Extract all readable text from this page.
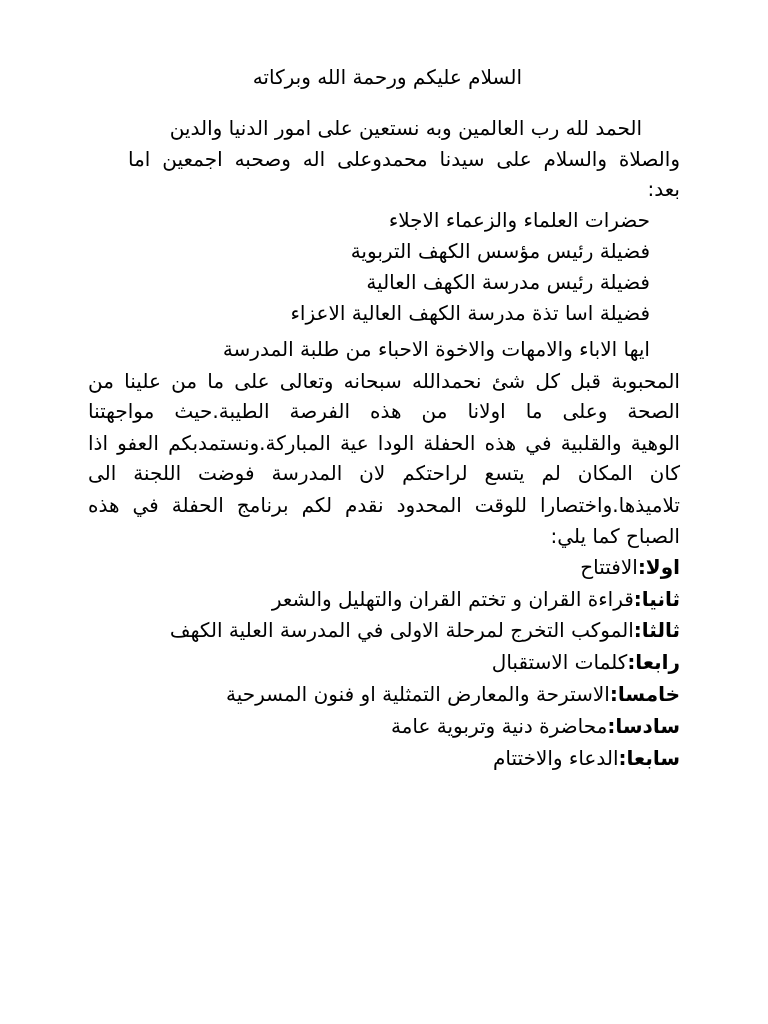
السلام عليكم ورحمة الله وبركاته
الحمد لله رب العالمين وبه نستعين على امور الدنيا والدين
والصلاة والسلام على سيدنا محمدوعلى اله وصحبه اجمعين اما
بعد:
حضرات العلماء والزعماء الاجلاء
فضيلة رئيس مؤسس الكهف التربوية
فضيلة رئيس مدرسة الكهف العالية
فضيلة اسا تذة مدرسة الكهف العالية الاعزاء
ايها الاباء والامهات والاخوة الاحباء من طلبة المدرسة
المحبوبة قبل كل شئ نحمدالله سبحانه وتعالى على ما من علينا من
الصحة وعلى ما اولانا من هذه الفرصة الطيبة.حيث مواجهتنا
الوهية والقلبية في هذه الحفلة الودا عية المباركة.ونستمدبكم العفو اذا
كان المكان لم يتسع لراحتكم لان المدرسة فوضت اللجنة الى
تلاميذها.واختصارا للوقت المحدود نقدم لكم برنامج الحفلة في هذه
الصباح كما يلي:
اولا:الافتتاح
ثانيا:قراءة القران و تختم القران والتهليل والشعر
ثالثا:الموكب التخرج لمرحلة الاولى في المدرسة العلية الكهف
رابعا:كلمات الاستقبال
خامسا:الاسترحة والمعارض التمثلية او فنون المسرحية
سادسا:محاضرة دنية وتربوية عامة
سابعا:الدعاء والاختتام
